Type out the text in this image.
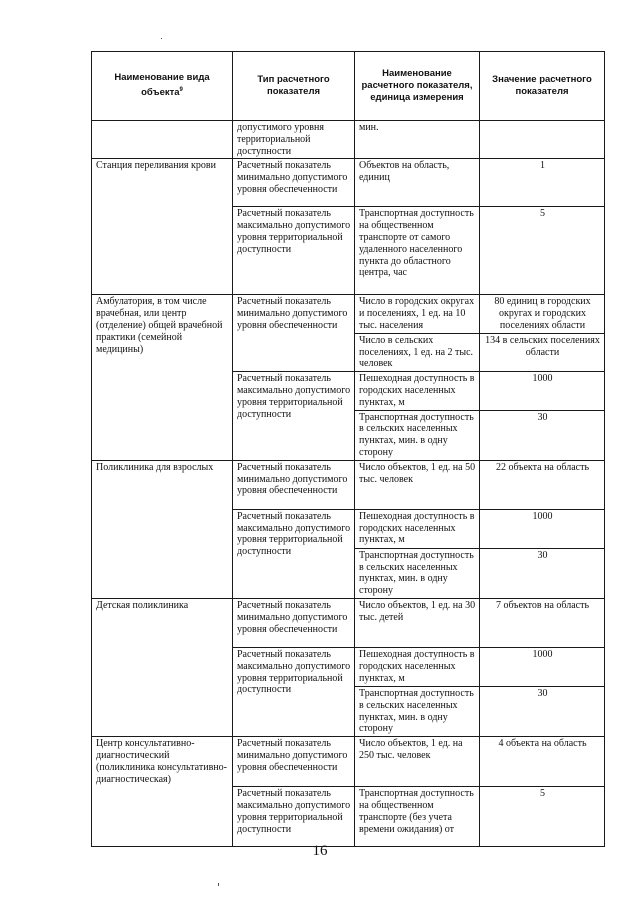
Наименование вида объекта$^9$	Тип расчетного показателя	Наименование расчетного показателя, единица измерения	Значение расчетного показателя
	допустимого уровня территориальной доступности	мин.	
Станция переливания крови	Расчетный показатель минимально допустимого уровня обеспеченности	Объектов на область, единиц	1
	Расчетный показатель максимально допустимого уровня территориальной доступности	Транспортная доступность на общественном транспорте от самого удаленного населенного пункта до областного центра, час	5
Амбулатория, в том числе врачебная, или центр (отделение) общей врачебной практики (семейной медицины)	Расчетный показатель минимально допустимого уровня обеспеченности	Число в городских округах и поселениях, 1 ед. на 10 тыс. населения	80 единиц в городских округах и городских поселениях области
		Число в сельских поселениях, 1 ед. на 2 тыс. человек	134 в сельских поселениях области
	Расчетный показатель максимально допустимого уровня территориальной доступности	Пешеходная доступность в городских населенных пунктах, м	1000
		Транспортная доступность в сельских населенных пунктах, мин. в одну сторону	30
Поликлиника для взрослых	Расчетный показатель минимально допустимого уровня обеспеченности	Число объектов, 1 ед. на 50 тыс. человек	22 объекта на область
	Расчетный показатель максимально допустимого уровня территориальной доступности	Пешеходная доступность в городских населенных пунктах, м	1000
		Транспортная доступность в сельских населенных пунктах, мин. в одну сторону	30
Детская поликлиника	Расчетный показатель минимально допустимого уровня обеспеченности	Число объектов, 1 ед. на 30 тыс. детей	7 объектов на область
	Расчетный показатель максимально допустимого уровня территориальной доступности	Пешеходная доступность в городских населенных пунктах, м	1000
		Транспортная доступность в сельских населенных пунктах, мин. в одну сторону	30
Центр консультативно-диагностический (поликлиника консультативно-диагностическая)	Расчетный показатель минимально допустимого уровня обеспеченности	Число объектов, 1 ед. на 250 тыс. человек	4 объекта на область
	Расчетный показатель максимально допустимого уровня территориальной доступности	Транспортная доступность на общественном транспорте (без учета времени ожидания) от	5
16
